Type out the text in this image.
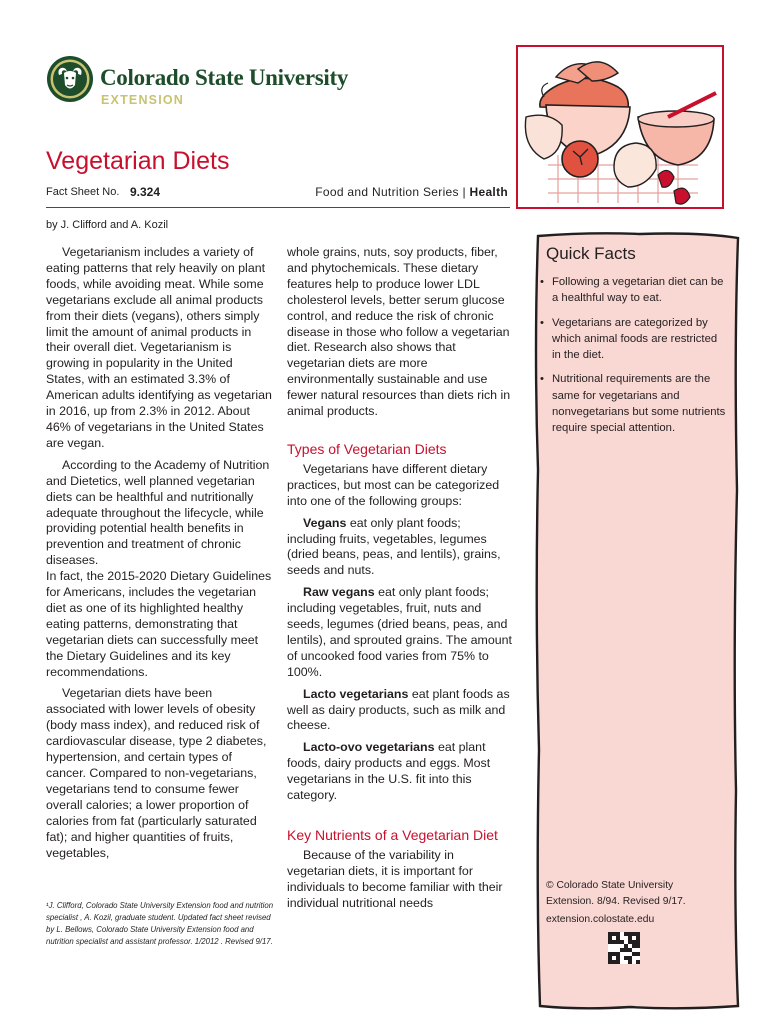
Colorado State University
EXTENSION
Vegetarian Diets
Fact Sheet No. 9.324	Food and Nutrition Series | Health
by J. Clifford and A. Kozil

Vegetarianism includes a variety of eating patterns that rely heavily on plant foods, while avoiding meat. While some vegetarians exclude all animal products from their diets (vegans), others simply limit the amount of animal products in their overall diet. Vegetarianism is growing in popularity in the United States, with an estimated 3.3% of American adults identifying as vegetarian in 2016, up from 2.3% in 2012. About 46% of vegetarians in the United States are vegan.

According to the Academy of Nutrition and Dietetics, well planned vegetarian diets can be healthful and nutritionally adequate throughout the lifecycle, while providing potential health benefits in prevention and treatment of chronic diseases.

In fact, the 2015-2020 Dietary Guidelines for Americans, includes the vegetarian diet as one of its highlighted healthy eating patterns, demonstrating that vegetarian diets can successfully meet the Dietary Guidelines and its key recommendations.

Vegetarian diets have been associated with lower levels of obesity (body mass index), and reduced risk of cardiovascular disease, type 2 diabetes, hypertension, and certain types of cancer. Compared to non-vegetarians, vegetarians tend to consume fewer overall calories; a lower proportion of calories from fat (particularly saturated fat); and higher quantities of fruits, vegetables,

whole grains, nuts, soy products, fiber, and phytochemicals. These dietary features help to produce lower LDL cholesterol levels, better serum glucose control, and reduce the risk of chronic disease in those who follow a vegetarian diet. Research also shows that vegetarian diets are more environmentally sustainable and use fewer natural resources than diets rich in animal products.

Types of Vegetarian Diets

Vegetarians have different dietary practices, but most can be categorized into one of the following groups:

Vegans eat only plant foods; including fruits, vegetables, legumes (dried beans, peas, and lentils), grains, seeds and nuts.

Raw vegans eat only plant foods; including vegetables, fruit, nuts and seeds, legumes (dried beans, peas, and lentils), and sprouted grains. The amount of uncooked food varies from 75% to 100%.

Lacto vegetarians eat plant foods as well as dairy products, such as milk and cheese.

Lacto-ovo vegetarians eat plant foods, dairy products and eggs. Most vegetarians in the U.S. fit into this category.

Key Nutrients of a Vegetarian Diet

Because of the variability in vegetarian diets, it is important for individuals to become familiar with their individual nutritional needs

¹J. Clifford, Colorado State University Extension food and nutrition specialist , A. Kozil, graduate student. Updated fact sheet revised by L. Bellows, Colorado State University Extension food and nutrition specialist and assistant professor. 1/2012 . Revised 9/17.
Quick Facts
• Following a vegetarian diet can be a healthful way to eat.
• Vegetarians are categorized by which animal foods are restricted in the diet.
• Nutritional requirements are the same for vegetarians and nonvegetarians but some nutrients require special attention.
© Colorado State University Extension. 8/94. Revised 9/17.
extension.colostate.edu
